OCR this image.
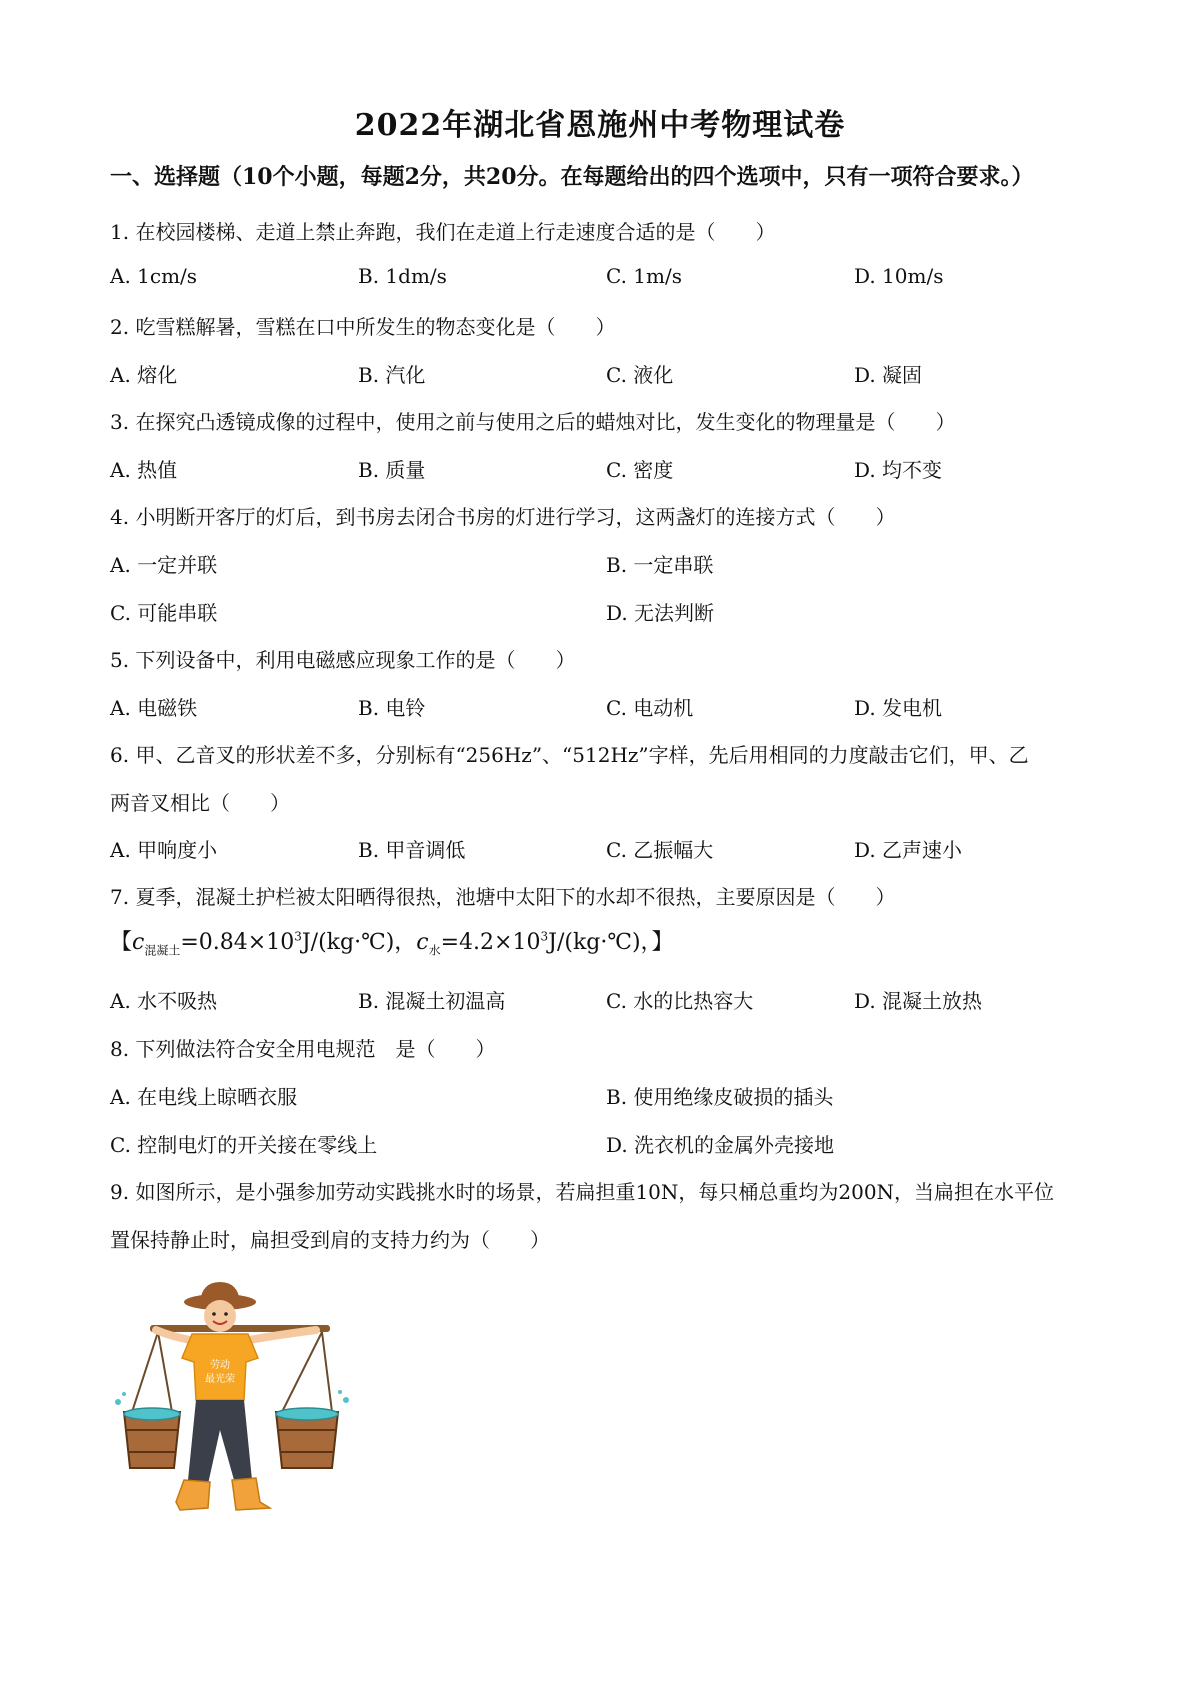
2022年湖北省恩施州中考物理试卷
一、选择题（10个小题，每题2分，共20分。在每题给出的四个选项中，只有一项符合要求。）
1. 在校园楼梯、走道上禁止奔跑，我们在走道上行走速度合适的是（　　）
A. 1cm/s	B. 1dm/s	C. 1m/s	D. 10m/s
2. 吃雪糕解暑，雪糕在口中所发生的物态变化是（　　）
A. 熔化	B. 汽化	C. 液化	D. 凝固
3. 在探究凸透镜成像的过程中，使用之前与使用之后的蜡烛对比，发生变化的物理量是（　　）
A. 热值	B. 质量	C. 密度	D. 均不变
4. 小明断开客厅的灯后，到书房去闭合书房的灯进行学习，这两盏灯的连接方式（　　）
A. 一定并联	B. 一定串联
C. 可能串联	D. 无法判断
5. 下列设备中，利用电磁感应现象工作的是（　　）
A. 电磁铁	B. 电铃	C. 电动机	D. 发电机
6. 甲、乙音叉的形状差不多，分别标有“256Hz”、“512Hz”字样，先后用相同的力度敲击它们，甲、乙
两音叉相比（　　）
A. 甲响度小	B. 甲音调低	C. 乙振幅大	D. 乙声速小
7. 夏季，混凝土护栏被太阳晒得很热，池塘中太阳下的水却不很热，主要原因是（　　）
【$c_{混凝土}=0.84\times 10^3J/(kg\cdot℃)$，$c_水=4.2\times 10^3J/(kg\cdot℃)$，】
A. 水不吸热	B. 混凝土初温高	C. 水的比热容大	D. 混凝土放热
8. 下列做法符合安全用电规范　是（　　）
A. 在电线上晾晒衣服	B. 使用绝缘皮破损的插头
C. 控制电灯的开关接在零线上	D. 洗衣机的金属外壳接地
9. 如图所示，是小强参加劳动实践挑水时的场景，若扁担重10N，每只桶总重均为200N，当扁担在水平位
置保持静止时，扁担受到肩的支持力约为（　　）
劳动
最光荣
